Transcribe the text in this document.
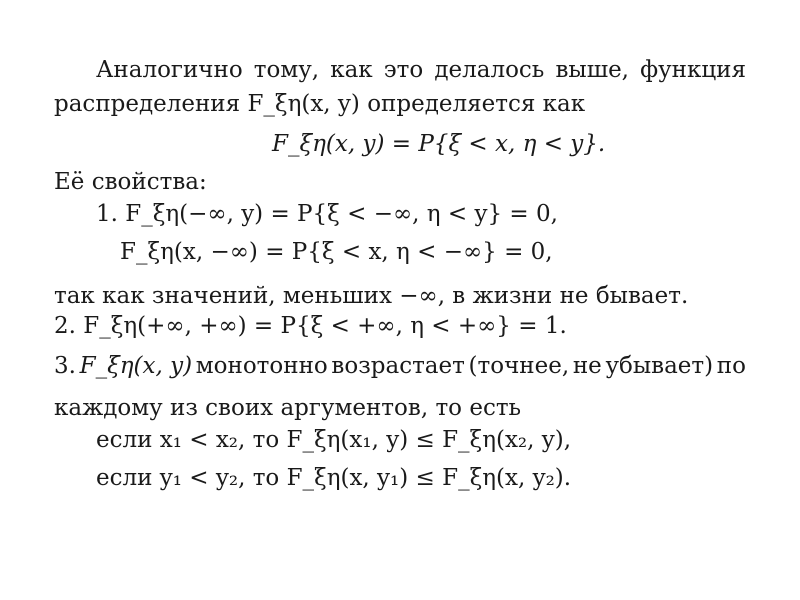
Аналогично тому, как это делалось выше, функция
распределения F_ξη(x, y) определяется как
F_ξη(x, y) = P{ξ < x, η < y}.
Её свойства:
1. F_ξη(−∞, y) = P{ξ < −∞, η < y} = 0,
F_ξη(x, −∞) = P{ξ < x, η < −∞} = 0,
так как значений, меньших −∞, в жизни не бывает.
2. F_ξη(+∞, +∞) = P{ξ < +∞, η < +∞} = 1.
3. F_ξη(x, y) монотонно возрастает (точнее, не убывает) по
каждому из своих аргументов, то есть
если x₁ < x₂, то F_ξη(x₁, y) ≤ F_ξη(x₂, y),
если y₁ < y₂, то F_ξη(x, y₁) ≤ F_ξη(x, y₂).
